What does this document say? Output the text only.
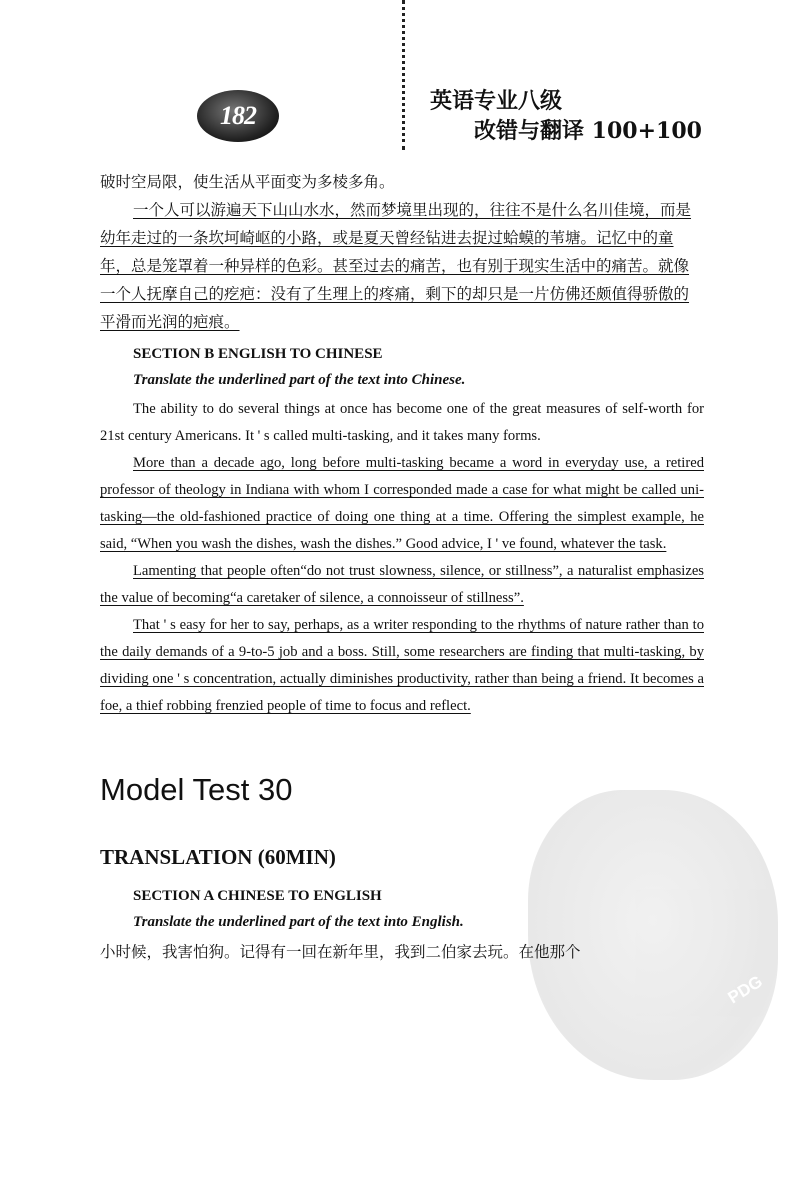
182	英语专业八级
改错与翻译 100+100
PDG

破时空局限，使生活从平面变为多棱多角。

一个人可以游遍天下山山水水，然而梦境里出现的，往往不是什么名川佳境，而是幼年走过的一条坎坷崎岖的小路，或是夏天曾经钻进去捉过蛤蟆的苇塘。记忆中的童年，总是笼罩着一种异样的色彩。甚至过去的痛苦，也有别于现实生活中的痛苦。就像一个人抚摩自己的疙疤：没有了生理上的疼痛，剩下的却只是一片仿佛还颇值得骄傲的平滑而光润的疤痕。

SECTION B ENGLISH TO CHINESE
Translate the underlined part of the text into Chinese.

The ability to do several things at once has become one of the great measures of self-worth for 21st century Americans. It ' s called multi-tasking, and it takes many forms.

More than a decade ago, long before multi-tasking became a word in everyday use, a retired professor of theology in Indiana with whom I corresponded made a case for what might be called uni-tasking—the old-fashioned practice of doing one thing at a time. Offering the simplest example, he said, “When you wash the dishes, wash the dishes.” Good advice, I ' ve found, whatever the task.

Lamenting that people often“do not trust slowness, silence, or stillness”, a naturalist emphasizes the value of becoming“a caretaker of silence, a connoisseur of stillness”.

That ' s easy for her to say, perhaps, as a writer responding to the rhythms of nature rather than to the daily demands of a 9-to-5 job and a boss. Still, some researchers are finding that multi-tasking, by dividing one ' s concentration, actually diminishes productivity, rather than being a friend. It becomes a foe, a thief robbing frenzied people of time to focus and reflect.

Model Test 30
TRANSLATION (60MIN)
SECTION A CHINESE TO ENGLISH
Translate the underlined part of the text into English.

小时候，我害怕狗。记得有一回在新年里，我到二伯家去玩。在他那个
